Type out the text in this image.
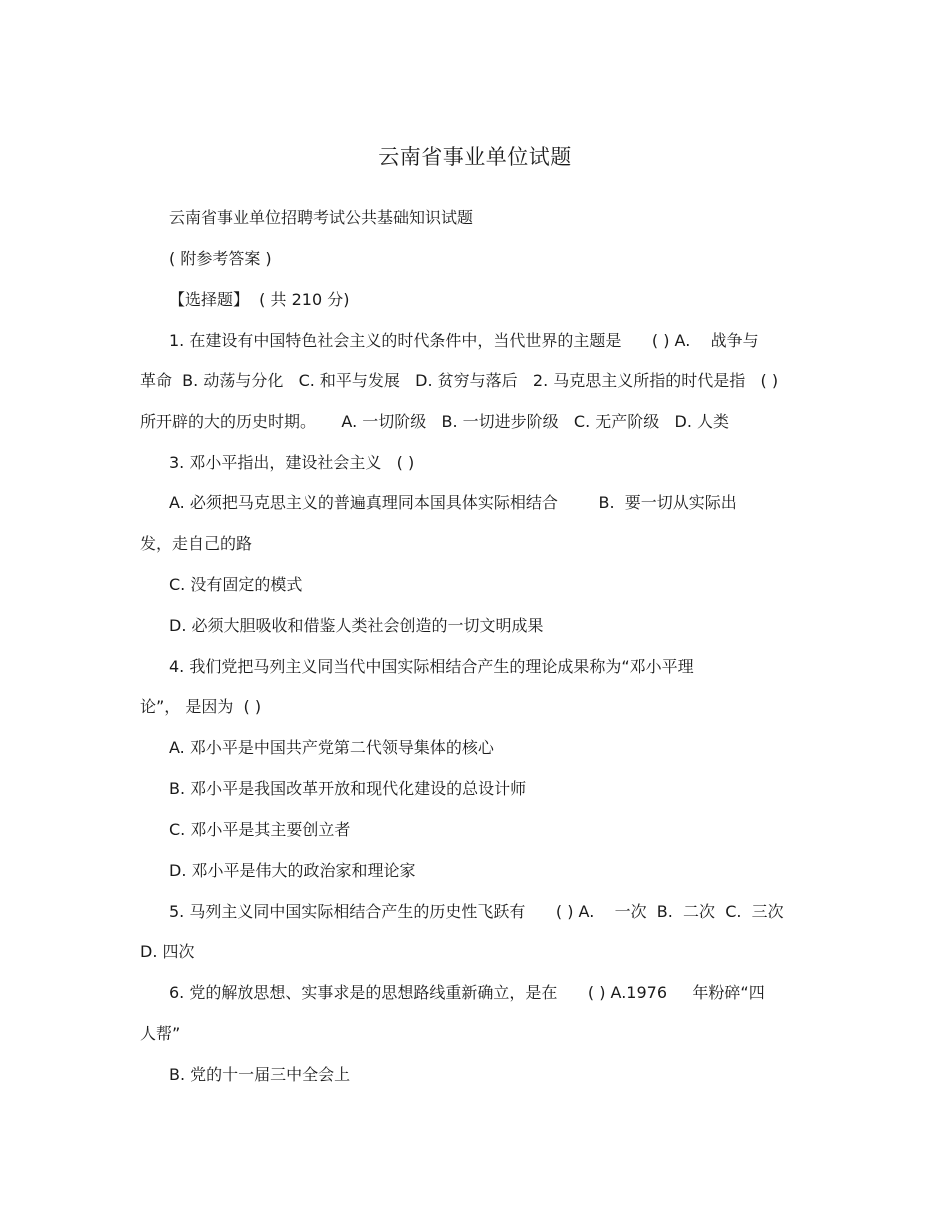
云南省事业单位试题
云南省事业单位招聘考试公共基础知识试题
( 附参考答案 )
【选择题】  ( 共 210 分)
1. 在建设有中国特色社会主义的时代条件中，当代世界的主题是      ( ) A.    战争与
革命  B. 动荡与分化   C. 和平与发展   D. 贫穷与落后   2. 马克思主义所指的时代是指   ( )
所开辟的大的历史时期。     A. 一切阶级   B. 一切进步阶级   C. 无产阶级   D. 人类
3. 邓小平指出，建设社会主义   ( )
A. 必须把马克思主义的普遍真理同本国具体实际相结合        B.  要一切从实际出
发，走自己的路
C. 没有固定的模式
D. 必须大胆吸收和借鉴人类社会创造的一切文明成果
4. 我们党把马列主义同当代中国实际相结合产生的理论成果称为“邓小平理
论”， 是因为  ( )
A. 邓小平是中国共产党第二代领导集体的核心
B. 邓小平是我国改革开放和现代化建设的总设计师
C. 邓小平是其主要创立者
D. 邓小平是伟大的政治家和理论家
5. 马列主义同中国实际相结合产生的历史性飞跃有      ( ) A.    一次  B.  二次  C.  三次
D. 四次
6. 党的解放思想、实事求是的思想路线重新确立，是在      ( ) A.1976     年粉碎“四
人帮”
B. 党的十一届三中全会上
